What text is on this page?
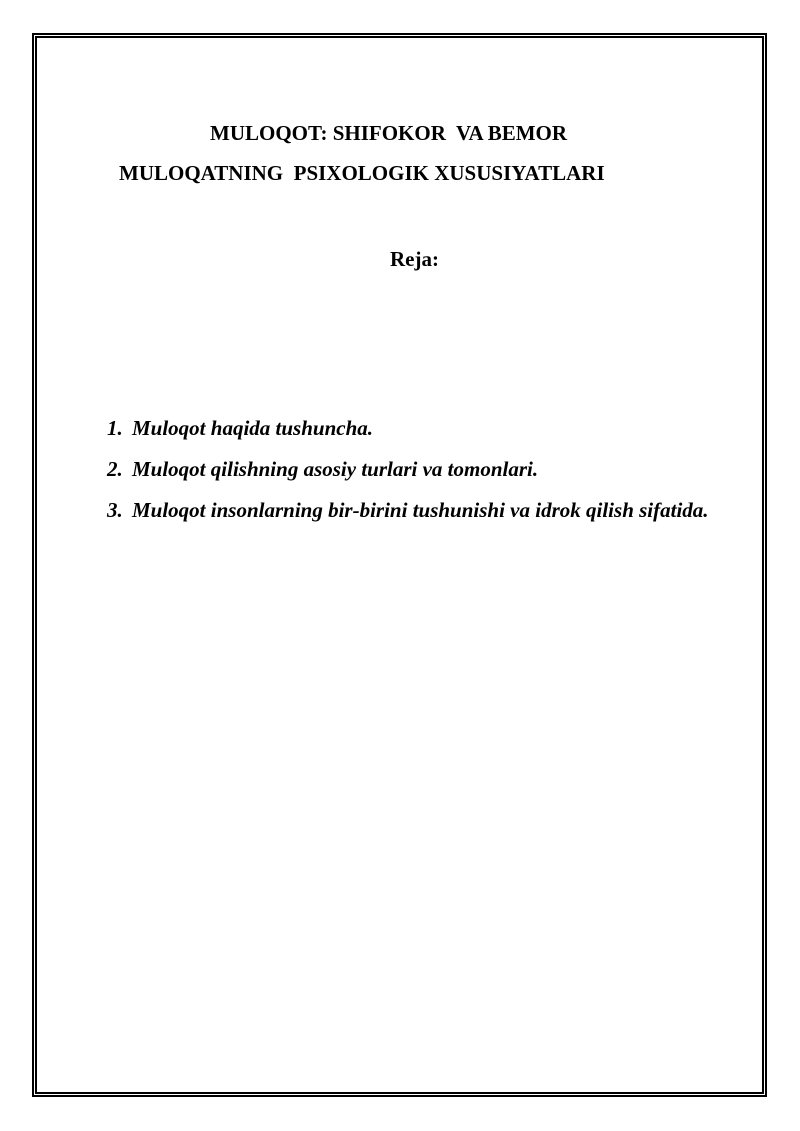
MULOQOT: SHIFOKOR  VA BEMOR
MULOQATNING  PSIXOLOGIK XUSUSIYATLARI
Reja:
1. Muloqot haqida tushuncha.
2. Muloqot qilishning asosiy turlari va tomonlari.
3. Muloqot insonlarning bir-birini tushunishi va idrok qilish sifatida.
